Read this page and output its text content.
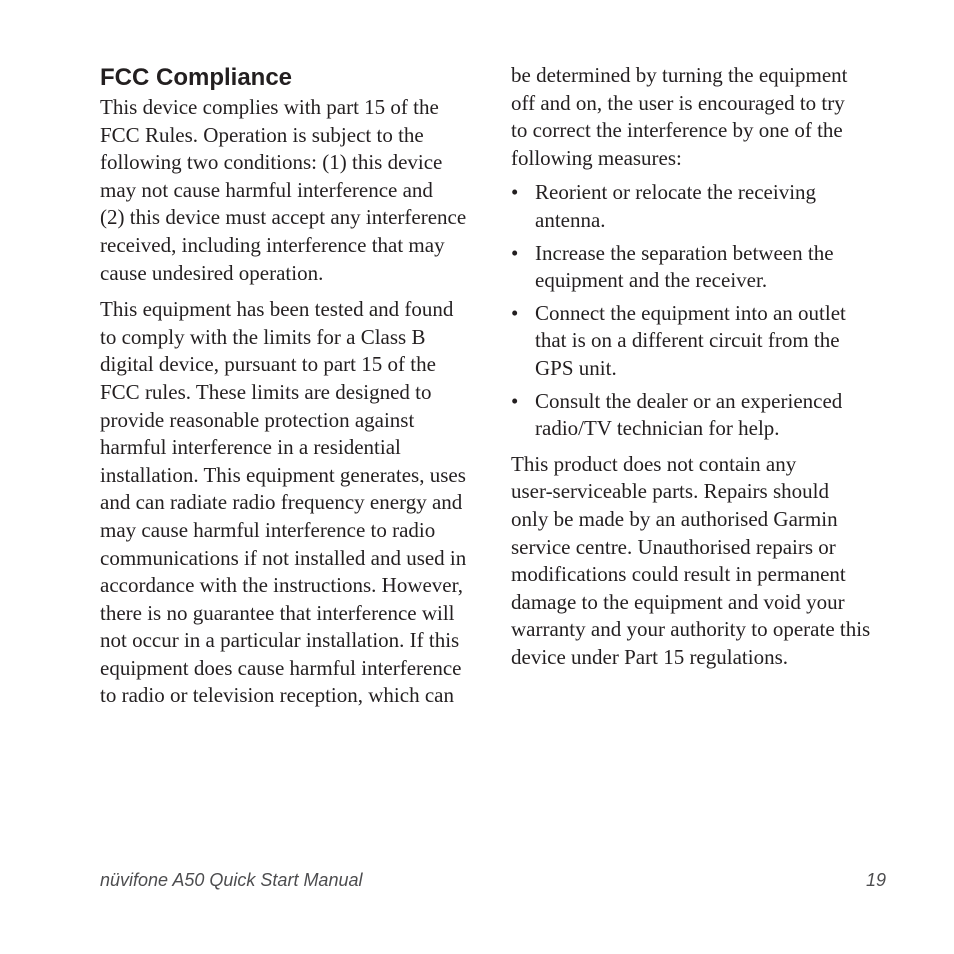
FCC Compliance

This device complies with part 15 of the
FCC Rules. Operation is subject to the
following two conditions: (1) this device
may not cause harmful interference and
(2) this device must accept any interference
received, including interference that may
cause undesired operation.

This equipment has been tested and found
to comply with the limits for a Class B
digital device, pursuant to part 15 of the
FCC rules. These limits are designed to
provide reasonable protection against
harmful interference in a residential
installation. This equipment generates, uses
and can radiate radio frequency energy and
may cause harmful interference to radio
communications if not installed and used in
accordance with the instructions. However,
there is no guarantee that interference will
not occur in a particular installation. If this
equipment does cause harmful interference
to radio or television reception, which can

be determined by turning the equipment
off and on, the user is encouraged to try
to correct the interference by one of the
following measures:

• Reorient or relocate the receiving
antenna.
• Increase the separation between the
equipment and the receiver.
• Connect the equipment into an outlet
that is on a different circuit from the
GPS unit.
• Consult the dealer or an experienced
radio/TV technician for help.

This product does not contain any
user-serviceable parts. Repairs should
only be made by an authorised Garmin
service centre. Unauthorised repairs or
modifications could result in permanent
damage to the equipment and void your
warranty and your authority to operate this
device under Part 15 regulations.

nüvifone A50 Quick Start Manual	19
